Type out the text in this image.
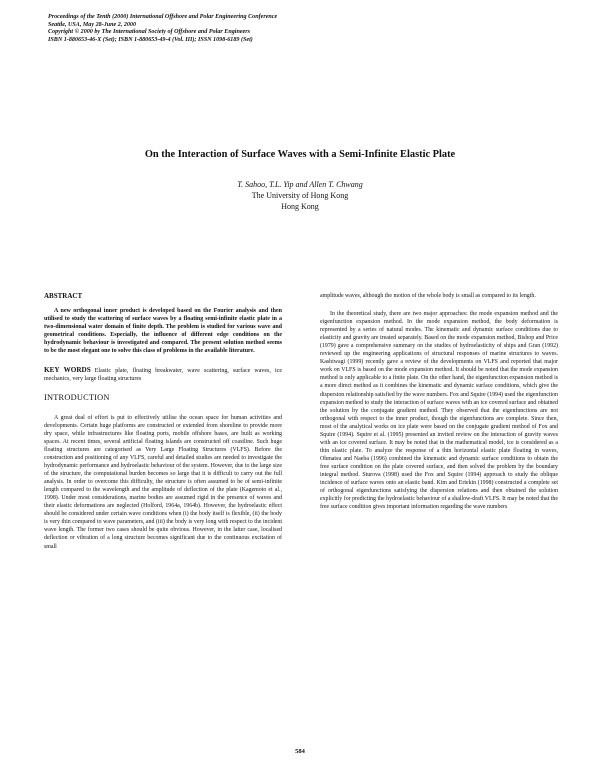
Proceedings of the Tenth (2000) International Offshore and Polar Engineering Conference
Seattle, USA, May 28-June 2, 2000
Copyright © 2000 by The International Society of Offshore and Polar Engineers
ISBN 1-880653-46-X (Set); ISBN 1-880653-49-4 (Vol. III); ISSN 1098-6189 (Set)
On the Interaction of Surface Waves with a Semi-Infinite Elastic Plate
T. Sahoo, T.L. Yip and Allen T. Chwang
The University of Hong Kong
Hong Kong
ABSTRACT

A new orthogonal inner product is developed based on the Fourier analysis and then utilised to study the scattering of surface waves by a floating semi-infinite elastic plate in a two-dimensional water domain of finite depth. The problem is studied for various wave and geometrical conditions. Especially, the influence of different edge conditions on the hydrodynamic behaviour is investigated and compared. The present solution method seems to be the most elegant one to solve this class of problems in the available literature.

KEY WORDS Elastic plate, floating breakwater, wave scattering, surface waves, ice mechanics, very large floating structures

INTRODUCTION

A great deal of effort is put to effectively utilise the ocean space for human activities and developments. Certain huge platforms are constructed or extended from shoreline to provide more dry space, while infrastructures like floating ports, mobile offshore bases, are built as working spaces. At recent times, several artificial floating islands are constructed off coastline. Such huge floating structures are categorised as Very Large Floating Structures (VLFS). Before the construction and positioning of any VLFS, careful and detailed studies are needed to investigate the hydrodynamic performance and hydroelastic behaviour of the system. However, due to the large size of the structure, the computational burden becomes so large that it is difficult to carry out the full analysis. In order to overcome this difficulty, the structure is often assumed to be of semi-infinite length compared to the wavelength and the amplitude of deflection of the plate (Kagemoto et al., 1998). Under most considerations, marine bodies are assumed rigid in the presence of waves and their elastic deformations are neglected (Holford, 1964a, 1964b). However, the hydroelastic effect should be considered under certain wave conditions when (i) the body itself is flexible, (ii) the body is very thin compared to wave parameters, and (iii) the body is very long with respect to the incident wave length. The former two cases should be quite obvious. However, in the latter case, localised deflection or vibration of a long structure becomes significant due to the continuous excitation of small

amplitude waves, although the motion of the whole body is small as compared to its length.

In the theoretical study, there are two major approaches: the mode expansion method and the eigenfunction expansion method. In the mode expansion method, the body deformation is represented by a series of natural modes. The kinematic and dynamic surface conditions due to elasticity and gravity are treated separately. Based on the mode expansion method, Bishop and Price (1979) gave a comprehensive summary on the studies of hydroelasticity of ships and Gran (1992) reviewed up the engineering applications of structural responses of marine structures to waves. Kashiwagi (1999) recently gave a review of the developments on VLFS and reported that major work on VLFS is based on the mode expansion method. It should be noted that the mode expansion method is only applicable to a finite plate. On the other hand, the eigenfunction expansion method is a more direct method as it combines the kinematic and dynamic surface conditions, which give the dispersion relationship satisfied by the wave numbers. Fox and Squire (1994) used the eigenfunction expansion method to study the interaction of surface waves with an ice covered surface and obtained the solution by the conjugate gradient method. They observed that the eigenfunctions are not orthogonal with respect to the inner product, though the eigenfunctions are complete. Since then, most of the analytical works on ice plate were based on the conjugate gradient method of Fox and Squire (1994). Squire et al. (1995) presented an invited review on the interaction of gravity waves with an ice covered surface. It may be noted that in the mathematical model, ice is considered as a thin elastic plate. To analyze the response of a thin horizontal elastic plate floating in waves, Ohmatsu and Naeba (1996) combined the kinematic and dynamic surface conditions to obtain the free surface condition on the plate covered surface, and then solved the problem by the boundary integral method. Sturova (1998) used the Fox and Squire (1994) approach to study the oblique incidence of surface waves onto an elastic band. Kim and Ertekin (1998) constructed a complete set of orthogonal eigenfunctions satisfying the dispersion relations and then obtained the solution explicitly for predicting the hydroelastic behaviour of a shallow-draft VLFS. It may be noted that the free surface condition gives important information regarding the wave numbers

584
